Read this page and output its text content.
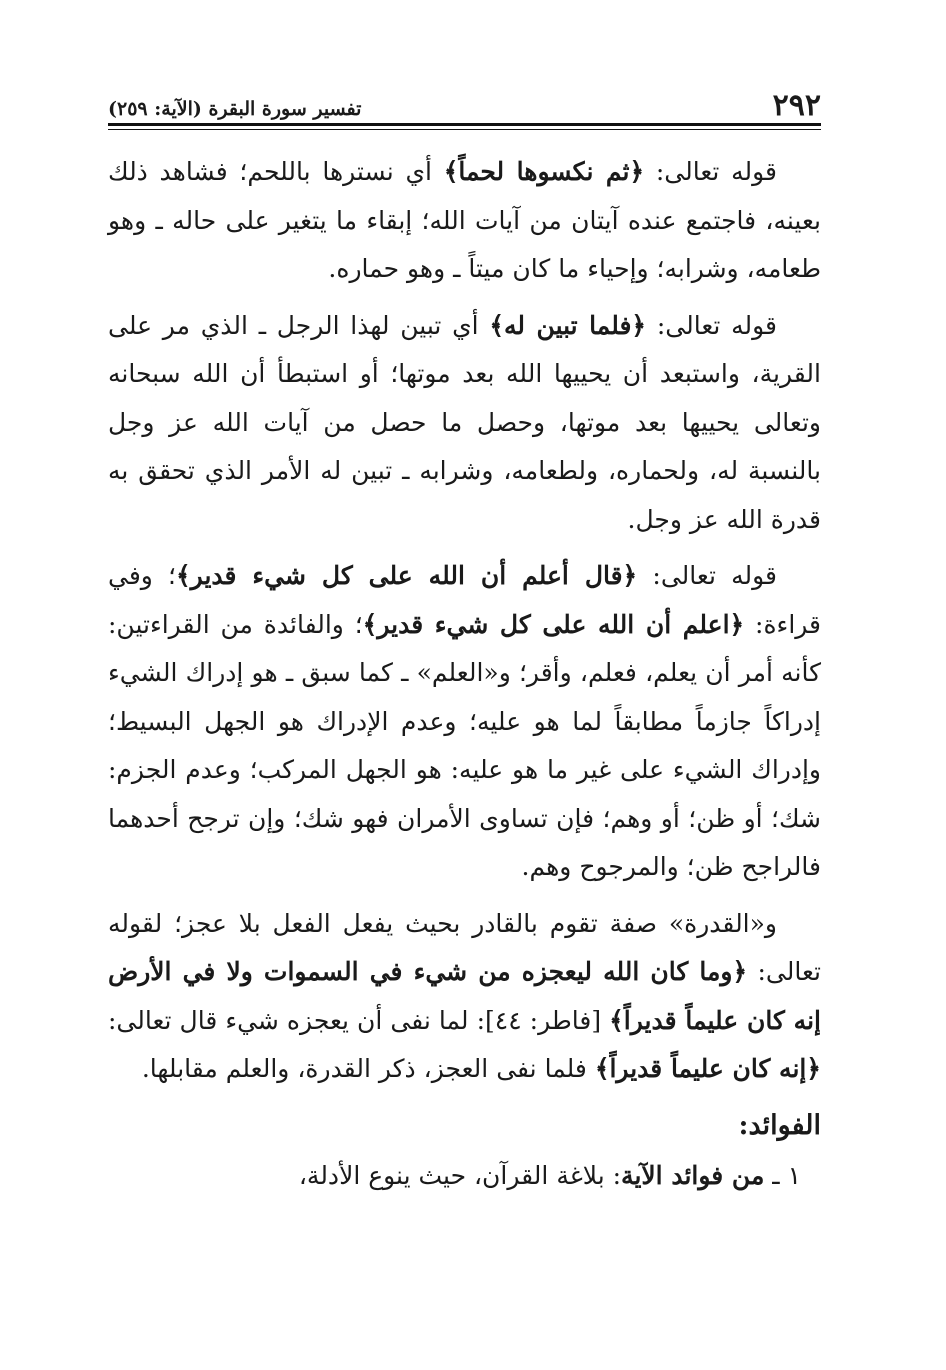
٢٩٢
تفسير سورة البقرة (الآية: ٢٥٩)

قوله تعالى: ﴿ثم نكسوها لحماً﴾ أي نسترها باللحم؛ فشاهد ذلك بعينه، فاجتمع عنده آيتان من آيات الله؛ إبقاء ما يتغير على حاله ـ وهو طعامه، وشرابه؛ وإحياء ما كان ميتاً ـ وهو حماره.

قوله تعالى: ﴿فلما تبين له﴾ أي تبين لهذا الرجل ـ الذي مر على القرية، واستبعد أن يحييها الله بعد موتها؛ أو استبطأ أن الله سبحانه وتعالى يحييها بعد موتها، وحصل ما حصل من آيات الله عز وجل بالنسبة له، ولحماره، ولطعامه، وشرابه ـ تبين له الأمر الذي تحقق به قدرة الله عز وجل.

قوله تعالى: ﴿قال أعلم أن الله على كل شيء قدير﴾؛ وفي قراءة: ﴿اعلم أن الله على كل شيء قدير﴾؛ والفائدة من القراءتين: كأنه أمر أن يعلم، فعلم، وأقر؛ و«العلم» ـ كما سبق ـ هو إدراك الشيء إدراكاً جازماً مطابقاً لما هو عليه؛ وعدم الإدراك هو الجهل البسيط؛ وإدراك الشيء على غير ما هو عليه: هو الجهل المركب؛ وعدم الجزم: شك؛ أو ظن؛ أو وهم؛ فإن تساوى الأمران فهو شك؛ وإن ترجح أحدهما فالراجح ظن؛ والمرجوح وهم.

و«القدرة» صفة تقوم بالقادر بحيث يفعل الفعل بلا عجز؛ لقوله تعالى: ﴿وما كان الله ليعجزه من شيء في السموات ولا في الأرض إنه كان عليماً قديراً﴾ [فاطر: ٤٤]: لما نفى أن يعجزه شيء قال تعالى: ﴿إنه كان عليماً قديراً﴾ فلما نفى العجز، ذكر القدرة، والعلم مقابلها.

الفوائد:

١ ـ من فوائد الآية: بلاغة القرآن، حيث ينوع الأدلة،
